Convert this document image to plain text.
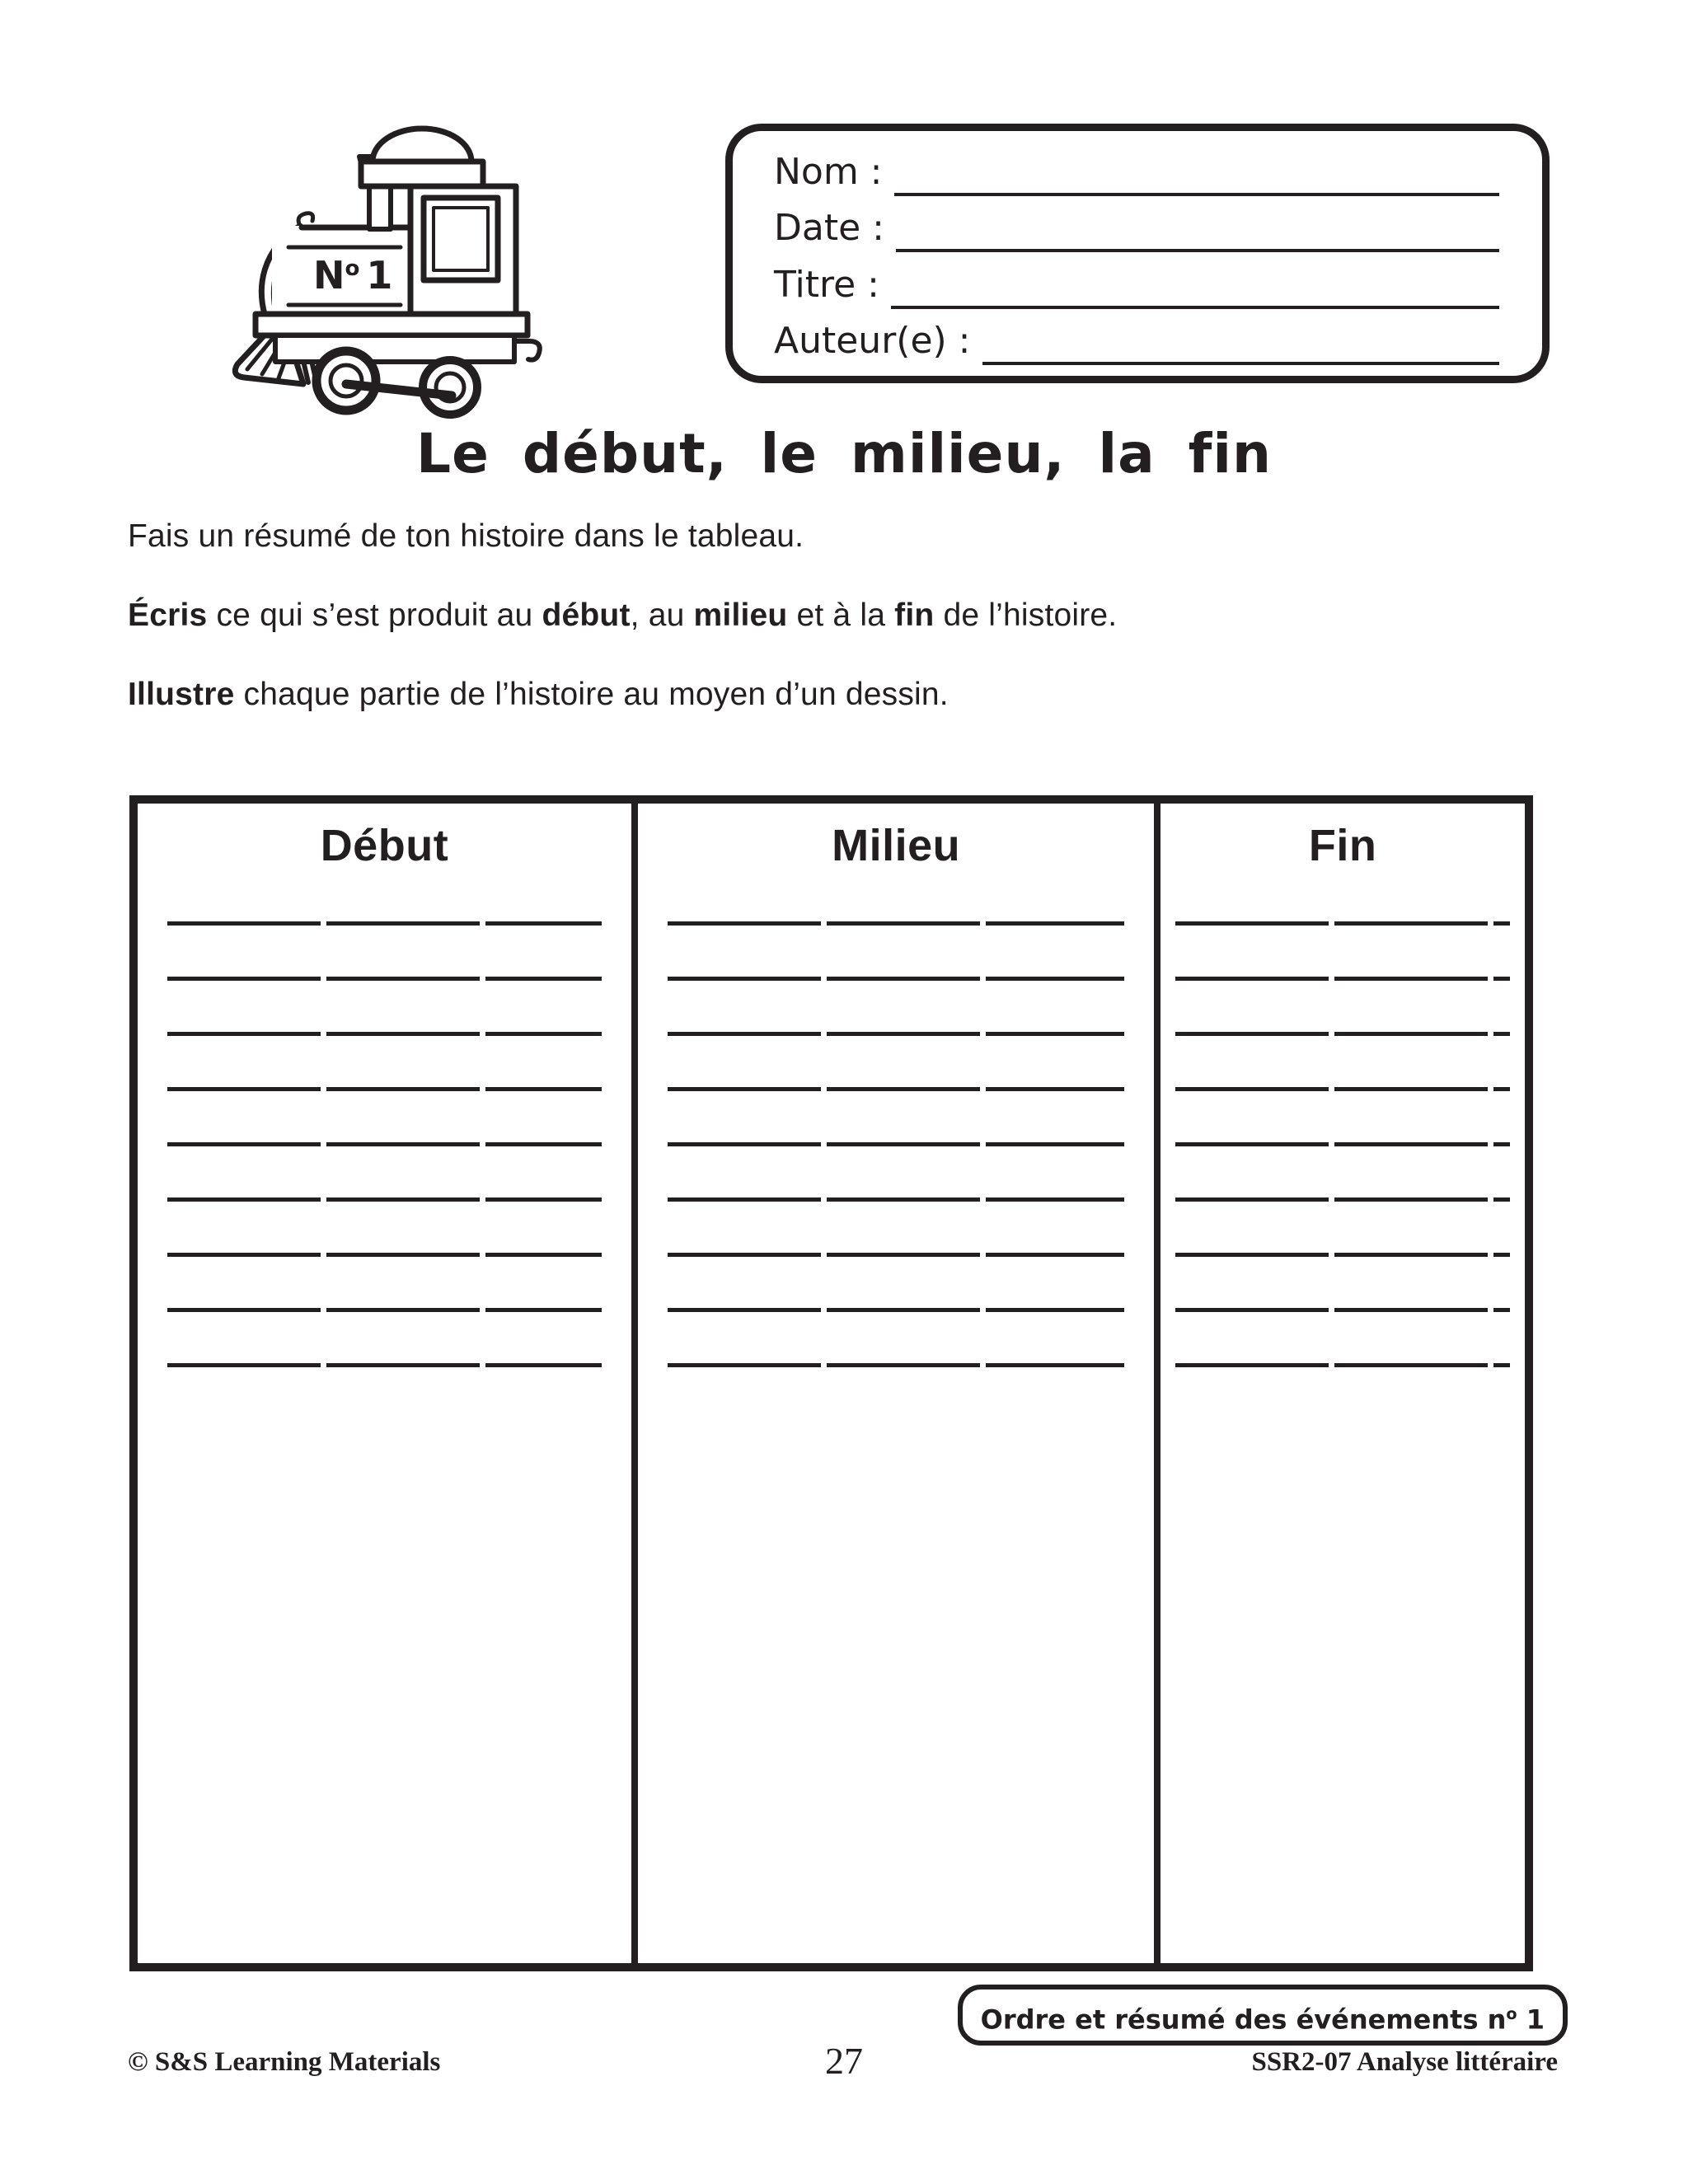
$N^o$ 1
Nom :
Date :
Titre :
Auteur(e) :
Le début, le milieu, la fin

Fais un résumé de ton histoire dans le tableau.

Écris ce qui s’est produit au début, au milieu et à la fin de l’histoire.

Illustre chaque partie de l’histoire au moyen d’un dessin.

Début	Milieu	Fin
Ordre et résumé des événements $n^o$ 1
© S&S Learning Materials	27	SSR2-07 Analyse littéraire
